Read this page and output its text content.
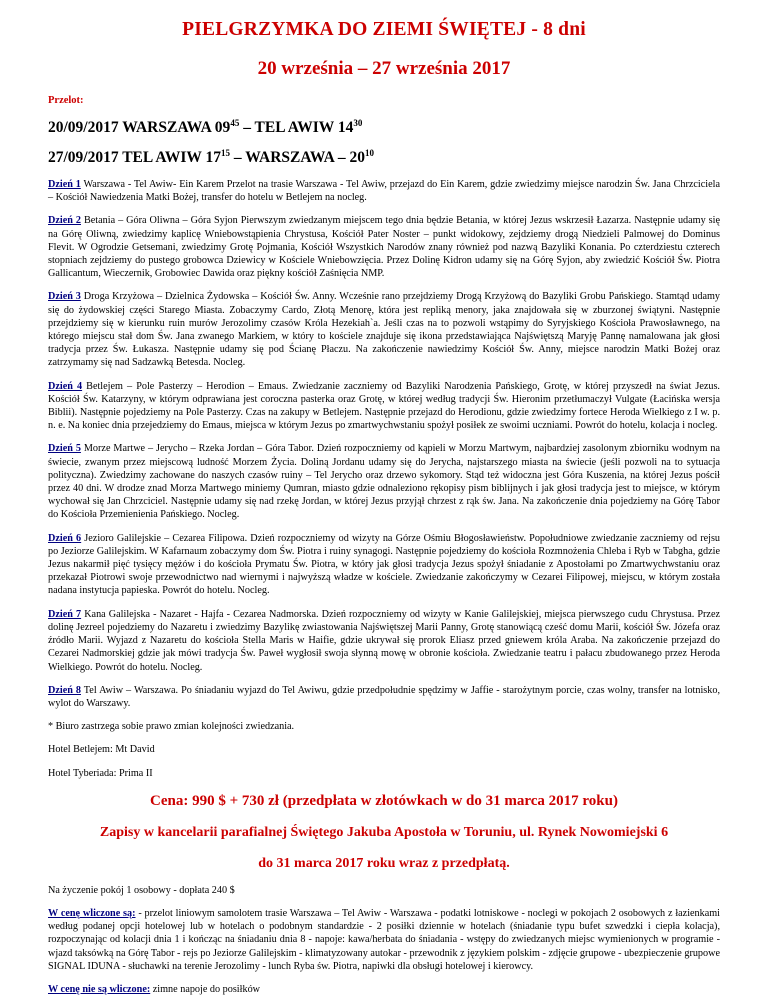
PIELGRZYMKA DO ZIEMI ŚWIĘTEJ - 8 dni
20 września – 27 września 2017
Przelot:

20/09/2017 WARSZAWA $09^{45}$ – TEL AWIW $14^{30}$

27/09/2017 TEL AWIW $17^{15}$ – WARSZAWA – $20^{10}$

Dzień 1 Warszawa - Tel Awiw- Ein Karem Przelot na trasie Warszawa - Tel Awiw, przejazd do Ein Karem, gdzie zwiedzimy miejsce narodzin Św. Jana Chrzciciela – Kościół Nawiedzenia Matki Bożej, transfer do hotelu w Betlejem na nocleg.

Dzień 2 Betania – Góra Oliwna – Góra Syjon Pierwszym zwiedzanym miejscem tego dnia będzie Betania, w której Jezus wskrzesił Łazarza. Następnie udamy się na Górę Oliwną, zwiedzimy kaplicę Wniebowstąpienia Chrystusa, Kościół Pater Noster – punkt widokowy, zejdziemy drogą Niedzieli Palmowej do Dominus Flevit. W Ogrodzie Getsemani, zwiedzimy Grotę Pojmania, Kościół Wszystkich Narodów znany również pod nazwą Bazyliki Konania. Po czterdziestu czterech stopniach zejdziemy do pustego grobowca Dziewicy w Kościele Wniebowzięcia. Przez Dolinę Kidron udamy się na Górę Syjon, aby zwiedzić Kościół Św. Piotra Gallicantum, Wieczernik, Grobowiec Dawida oraz piękny kościół Zaśnięcia NMP.

Dzień 3 Droga Krzyżowa – Dzielnica Żydowska – Kościół Św. Anny. Wcześnie rano przejdziemy Drogą Krzyżową do Bazyliki Grobu Pańskiego. Stamtąd udamy się do żydowskiej części Starego Miasta. Zobaczymy Cardo, Złotą Menorę, która jest repliką menory, jaka znajdowała się w zburzonej świątyni. Następnie przejdziemy się w kierunku ruin murów Jerozolimy czasów Króla Hezekiah`a. Jeśli czas na to pozwoli wstąpimy do Syryjskiego Kościoła Prawosławnego, na którego miejscu stał dom Św. Jana zwanego Markiem, w który to kościele znajduje się ikona przedstawiająca Najświętszą Maryję Pannę namalowana jak głosi tradycja przez Św. Łukasza. Następnie udamy się pod Ścianę Płaczu. Na zakończenie nawiedzimy Kościół Św. Anny, miejsce narodzin Matki Bożej oraz zatrzymamy się nad Sadzawką Betesda. Nocleg.

Dzień 4 Betlejem – Pole Pasterzy – Herodion – Emaus. Zwiedzanie zaczniemy od Bazyliki Narodzenia Pańskiego, Grotę, w której przyszedł na świat Jezus. Kościół Św. Katarzyny, w którym odprawiana jest coroczna pasterka oraz Grotę, w której według tradycji Św. Hieronim przetłumaczył Vulgate (Łacińska wersja Biblii). Następnie pojedziemy na Pole Pasterzy. Czas na zakupy w Betlejem. Następnie przejazd do Herodionu, gdzie zwiedzimy fortece Heroda Wielkiego z I w. p. n. e. Na koniec dnia przejedziemy do Emaus, miejsca w którym Jezus po zmartwychwstaniu spożył posiłek ze swoimi uczniami. Powrót do hotelu, kolacja i nocleg.

Dzień 5 Morze Martwe – Jerycho – Rzeka Jordan – Góra Tabor. Dzień rozpoczniemy od kąpieli w Morzu Martwym, najbardziej zasolonym zbiorniku wodnym na świecie, zwanym przez miejscową ludność Morzem Życia. Doliną Jordanu udamy się do Jerycha, najstarszego miasta na świecie (jeśli pozwoli na to sytuacja polityczna). Zwiedzimy zachowane do naszych czasów ruiny – Tel Jerycho oraz drzewo sykomory. Stąd też widoczna jest Góra Kuszenia, na której Jezus pościł przez 40 dni. W drodze znad Morza Martwego miniemy Qumran, miasto gdzie odnaleziono rękopisy pism biblijnych i jak głosi tradycja jest to miejsce, w którym wychował się Jan Chrzciciel. Następnie udamy się nad rzekę Jordan, w której Jezus przyjął chrzest z rąk św. Jana. Na zakończenie dnia pojedziemy na Górę Tabor do Kościoła Przemienienia Pańskiego. Nocleg.

Dzień 6 Jezioro Galilejskie – Cezarea Filipowa. Dzień rozpoczniemy od wizyty na Górze Ośmiu Błogosławieństw. Popołudniowe zwiedzanie zaczniemy od rejsu po Jeziorze Galilejskim. W Kafarnaum zobaczymy dom Św. Piotra i ruiny synagogi. Następnie pojedziemy do kościoła Rozmnożenia Chleba i Ryb w Tabgha, gdzie Jezus nakarmił pięć tysięcy mężów i do kościoła Prymatu Św. Piotra, w który jak głosi tradycja Jezus spożył śniadanie z Apostołami po Zmartwychwstaniu oraz przekazał Piotrowi swoje przewodnictwo nad wiernymi i najwyższą władze w kościele. Zwiedzanie zakończymy w Cezarei Filipowej, miejscu, w którym została nadana instytucja papieska. Powrót do hotelu. Nocleg.

Dzień 7 Kana Galilejska - Nazaret - Hajfa - Cezarea Nadmorska. Dzień rozpoczniemy od wizyty w Kanie Galilejskiej, miejsca pierwszego cudu Chrystusa. Przez dolinę Jezreel pojedziemy do Nazaretu i zwiedzimy Bazylikę zwiastowania Najświętszej Marii Panny, Grotę stanowiącą cześć domu Marii, kościół Św. Józefa oraz źródło Marii. Wyjazd z Nazaretu do kościoła Stella Maris w Haifie, gdzie ukrywał się prorok Eliasz przed gniewem króla Araba. Na zakończenie przejazd do Cezarei Nadmorskiej gdzie jak mówi tradycja Św. Paweł wygłosił swoja słynną mowę w obronie kościoła. Zwiedzanie teatru i pałacu zbudowanego przez Heroda Wielkiego. Powrót do hotelu. Nocleg.

Dzień 8 Tel Awiw – Warszawa. Po śniadaniu wyjazd do Tel Awiwu, gdzie przedpołudnie spędzimy w Jaffie - starożytnym porcie, czas wolny, transfer na lotnisko, wylot do Warszawy.

* Biuro zastrzega sobie prawo zmian kolejności zwiedzania.

Hotel Betlejem: Mt David

Hotel Tyberiada: Prima II

Cena: 990 $ + 730 zł (przedpłata w złotówkach w do 31 marca 2017 roku)

Zapisy w kancelarii parafialnej Świętego Jakuba Apostoła w Toruniu, ul. Rynek Nowomiejski 6

do 31 marca 2017 roku wraz z przedpłatą.

Na życzenie pokój 1 osobowy - dopłata 240 $

W cenę wliczone są: - przelot liniowym samolotem trasie Warszawa – Tel Awiw - Warszawa - podatki lotniskowe - noclegi w pokojach 2 osobowych z łazienkami według podanej opcji hotelowej lub w hotelach o podobnym standardzie - 2 posiłki dziennie w hotelach (śniadanie typu bufet szwedzki i ciepła kolacja), rozpoczynając od kolacji dnia 1 i kończąc na śniadaniu dnia 8 - napoje: kawa/herbata do śniadania - wstępy do zwiedzanych miejsc wymienionych w programie - wjazd taksówką na Górę Tabor - rejs po Jeziorze Galilejskim - klimatyzowany autokar - przewodnik z językiem polskim - zdjęcie grupowe - ubezpieczenie grupowe SIGNAL IDUNA - słuchawki na terenie Jerozolimy - lunch Ryba św. Piotra, napiwki dla obsługi hotelowej i kierowcy.

W cenę nie są wliczone: zimne napoje do posiłków
